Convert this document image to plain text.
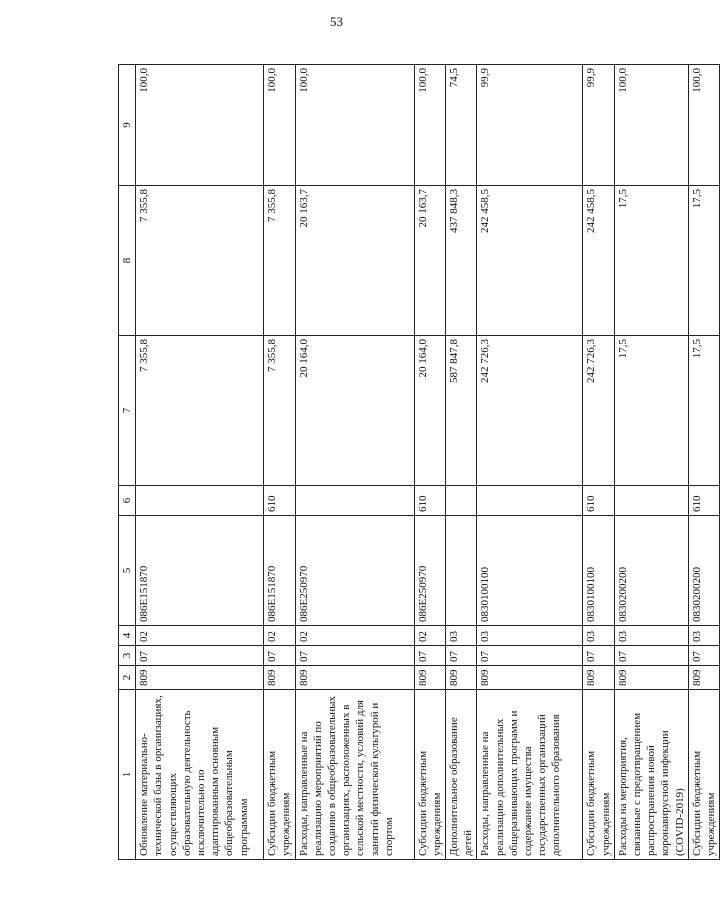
53
1	2	3	4	5	6	7	8	9
Обновление материально-технической базы в организациях, осуществляющих образовательную деятельность исключительно по адаптированным основным общеобразовательным программам	809	07	02	086E151870		7 355,8	7 355,8	100,0
Субсидии бюджетным учреждениям	809	07	02	086E151870	610	7 355,8	7 355,8	100,0
Расходы, направленные на реализацию мероприятий по созданию в общеобразовательных организациях, расположенных в сельской местности, условий для занятий физической культурой и спортом	809	07	02	086E250970		20 164,0	20 163,7	100,0
Субсидии бюджетным учреждениям	809	07	02	086E250970	610	20 164,0	20 163,7	100,0
Дополнительное образование детей	809	07	03			587 847,8	437 848,3	74,5
Расходы, направленные на реализацию дополнительных общеразвивающих программ и содержание имущества государственных организаций дополнительного образования	809	07	03	0830100100		242 726,3	242 458,5	99,9
Субсидии бюджетным учреждениям	809	07	03	0830100100	610	242 726,3	242 458,5	99,9
Расходы на мероприятия, связанные с предотвращением распространения новой коронавирусной инфекции (COVID-2019)	809	07	03	0830200200		17,5	17,5	100,0
Субсидии бюджетным учреждениям	809	07	03	0830200200	610	17,5	17,5	100,0
